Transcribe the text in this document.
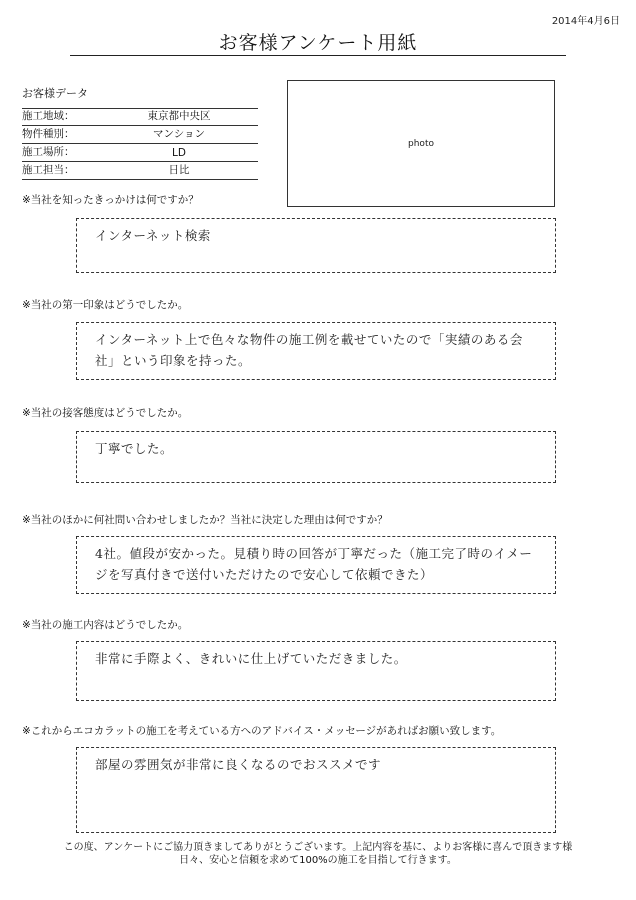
2014年4月6日
お客様アンケート用紙
お客様データ
施工地域：	東京都中央区
物件種別：	マンション
施工場所：	LD
施工担当：	日比
photo
※当社を知ったきっかけは何ですか？
インターネット検索
※当社の第一印象はどうでしたか。
インターネット上で色々な物件の施工例を載せていたので「実績のある会社」という印象を持った。
※当社の接客態度はどうでしたか。
丁寧でした。
※当社のほかに何社問い合わせしましたか？当社に決定した理由は何ですか？
4社。値段が安かった。見積り時の回答が丁寧だった（施工完了時のイメージを写真付きで送付いただけたので安心して依頼できた）
※当社の施工内容はどうでしたか。
非常に手際よく、きれいに仕上げていただきました。
※これからエコカラットの施工を考えている方へのアドバイス・メッセージがあればお願い致します。
部屋の雰囲気が非常に良くなるのでおススメです
この度、アンケートにご協力頂きましてありがとうございます。上記内容を基に、よりお客様に喜んで頂きます様
日々、安心と信頼を求めて100%の施工を目指して行きます。
